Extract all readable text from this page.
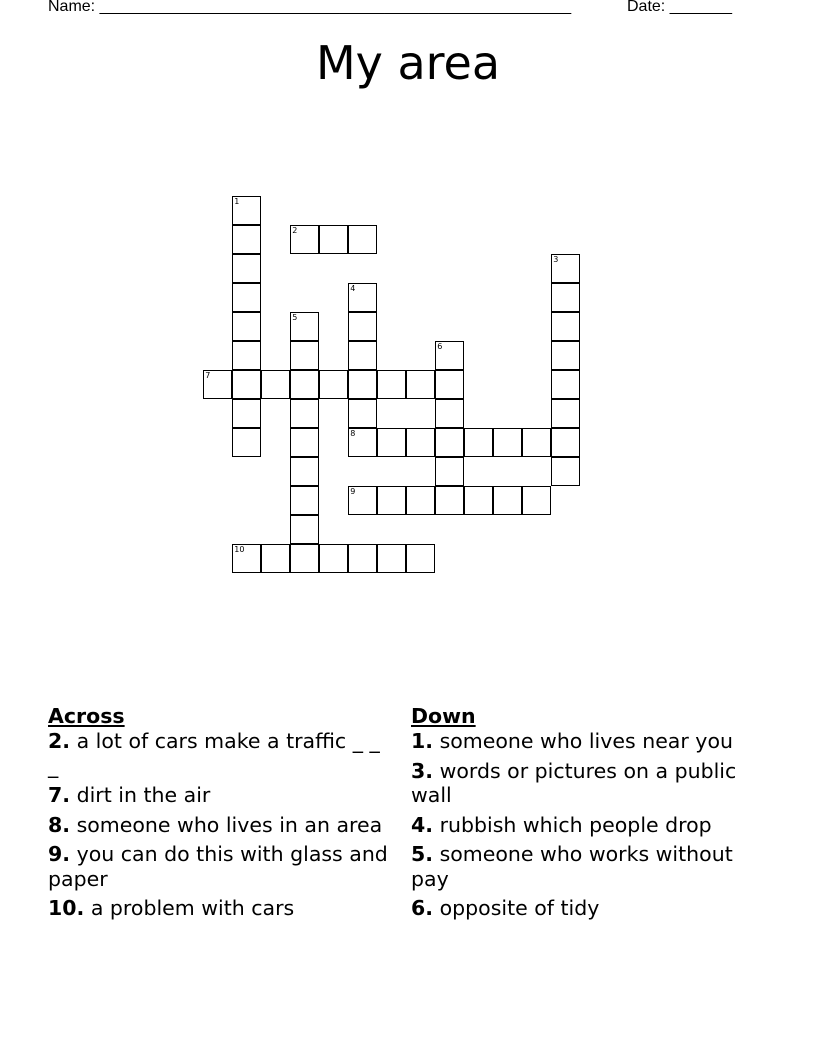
Name: _____________________________________________________	Date: _______
My area
1
2
3
4
8
5
6
7
9
10
Across
2. a lot of cars make a traffic _ _ _
7. dirt in the air
8. someone who lives in an area
9. you can do this with glass and paper
10. a problem with cars
Down
1. someone who lives near you
3. words or pictures on a public wall
4. rubbish which people drop
5. someone who works without pay
6. opposite of tidy
